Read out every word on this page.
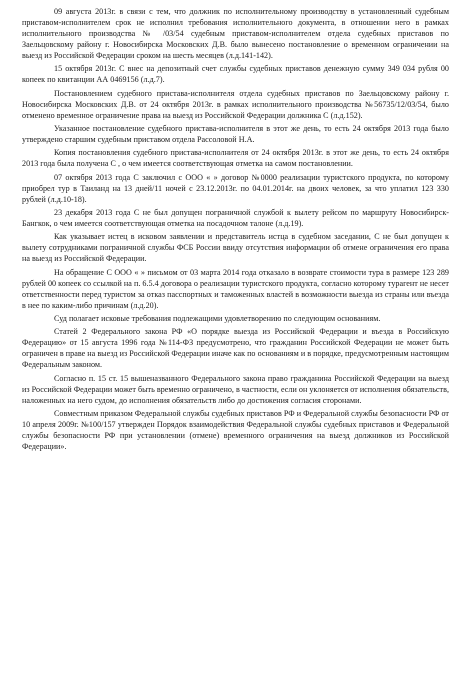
09 августа 2013г. в связи с тем, что должник по исполнительному производству в установленный судебным приставом-исполнителем срок не исполнил требования исполнительного документа, в отношении него в рамках исполнительного производства № /03/54 судебным приставом-исполнителем отдела судебных приставов по Заельцовскому району г. Новосибирска Московских Д.В. было вынесено постановление о временном ограничении на выезд из Российской Федерации сроком на шесть месяцев (л.д.141-142).

15 октября 2013г. С внес на депозитный счет службы судебных приставов денежную сумму 349 034 рубля 00 копеек по квитанции АА 0469156 (л.д.7).

Постановлением судебного пристава-исполнителя отдела судебных приставов по Заельцовскому району г. Новосибирска Московских Д.В. от 24 октября 2013г. в рамках исполнительного производства №56735/12/03/54, было отменено временное ограничение права на выезд из Российской Федерации должника С (л.д.152).

Указанное постановление судебного пристава-исполнителя в этот же день, то есть 24 октября 2013 года было утверждено старшим судебным приставом отдела Рассоловой Н.А.

Копия постановления судебного пристава-исполнителя от 24 октября 2013г. в этот же день, то есть 24 октября 2013 года была получена С , о чем имеется соответствующая отметка на самом постановлении.

07 октября 2013 года С заключил с ООО « » договор №0000 реализации туристского продукта, по которому приобрел тур в Таиланд на 13 дней/11 ночей с 23.12.2013г. по 04.01.2014г. на двоих человек, за что уплатил 123 330 рублей (л.д.10-18).

23 декабря 2013 года С не был допущен пограничной службой к вылету рейсом по маршруту Новосибирск-Бангкок, о чем имеется соответствующая отметка на посадочном талоне (л.д.19).

Как указывает истец в исковом заявлении и представитель истца в судебном заседании, С не был допущен к вылету сотрудниками пограничной службы ФСБ России ввиду отсутствия информации об отмене ограничения его права на выезд из Российской Федерации.

На обращение С ООО « » письмом от 03 марта 2014 года отказало в возврате стоимости тура в размере 123 289 рублей 00 копеек со ссылкой на п. 6.5.4 договора о реализации туристского продукта, согласно которому турагент не несет ответственности перед туристом за отказ пасспортных и таможенных властей в возможности выезда из страны или въезда в нее по каким-либо причинам (л.д.20).

Суд полагает исковые требования подлежащими удовлетворению по следующим основаниям.

Статей 2 Федерального закона РФ «О порядке выезда из Российской Федерации и въезда в Российскую Федерацию» от 15 августа 1996 года №114-ФЗ предусмотрено, что гражданин Российской Федерации не может быть ограничен в праве на выезд из Российской Федерации иначе как по основаниям и в порядке, предусмотренным настоящим Федеральным законом.

Согласно п. 15 ст. 15 вышеназванного Федерального закона право гражданина Российской Федерации на выезд из Российской Федерации может быть временно ограничено, в частности, если он уклоняется от исполнения обязательств, наложенных на него судом, до исполнения обязательств либо до достижения согласия сторонами.

Совместным приказом Федеральной службы судебных приставов РФ и Федеральной службы безопасности РФ от 10 апреля 2009г. №100/157 утвержден Порядок взаимодействия Федеральной службы судебных приставов и Федеральной службы безопасности РФ при установлении (отмене) временного ограничения на выезд должников из Российской Федерации».
